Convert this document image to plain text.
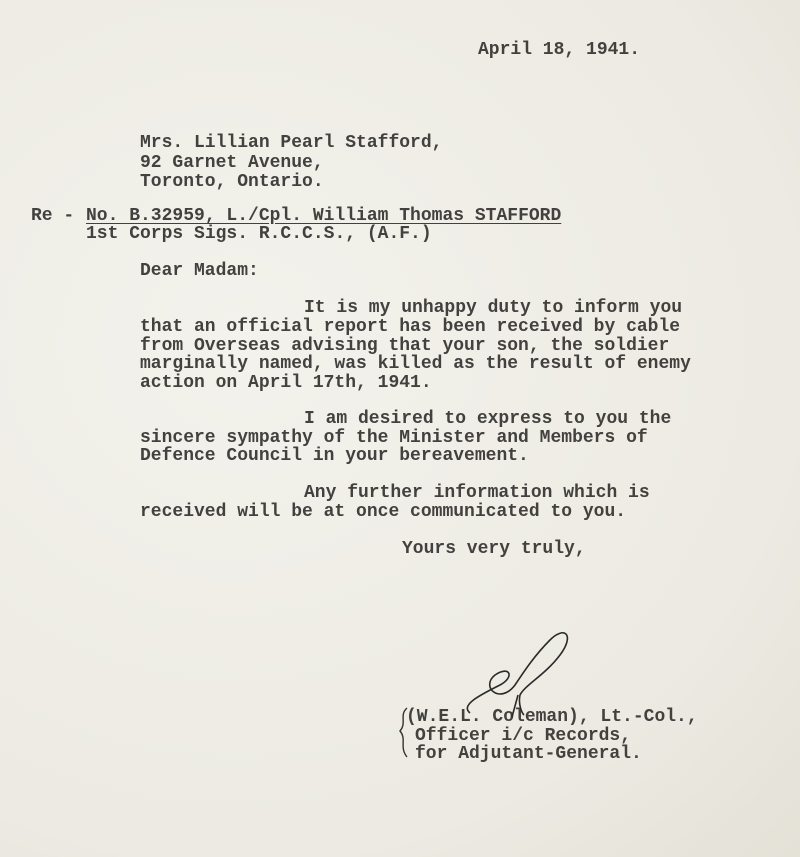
April 18, 1941.
Mrs. Lillian Pearl Stafford,
92 Garnet Avenue,
Toronto, Ontario.
Re - No. B.32959, L./Cpl. William Thomas STAFFORD
1st Corps Sigs. R.C.C.S., (A.F.)
Dear Madam:
It is my unhappy duty to inform you
that an official report has been received by cable
from Overseas advising that your son, the soldier
marginally named, was killed as the result of enemy
action on April 17th, 1941.
I am desired to express to you the
sincere sympathy of the Minister and Members of
Defence Council in your bereavement.
Any further information which is
received will be at once communicated to you.
Yours very truly,
(W.E.L. Coleman), Lt.-Col.,
Officer i/c Records,
for Adjutant-General.
